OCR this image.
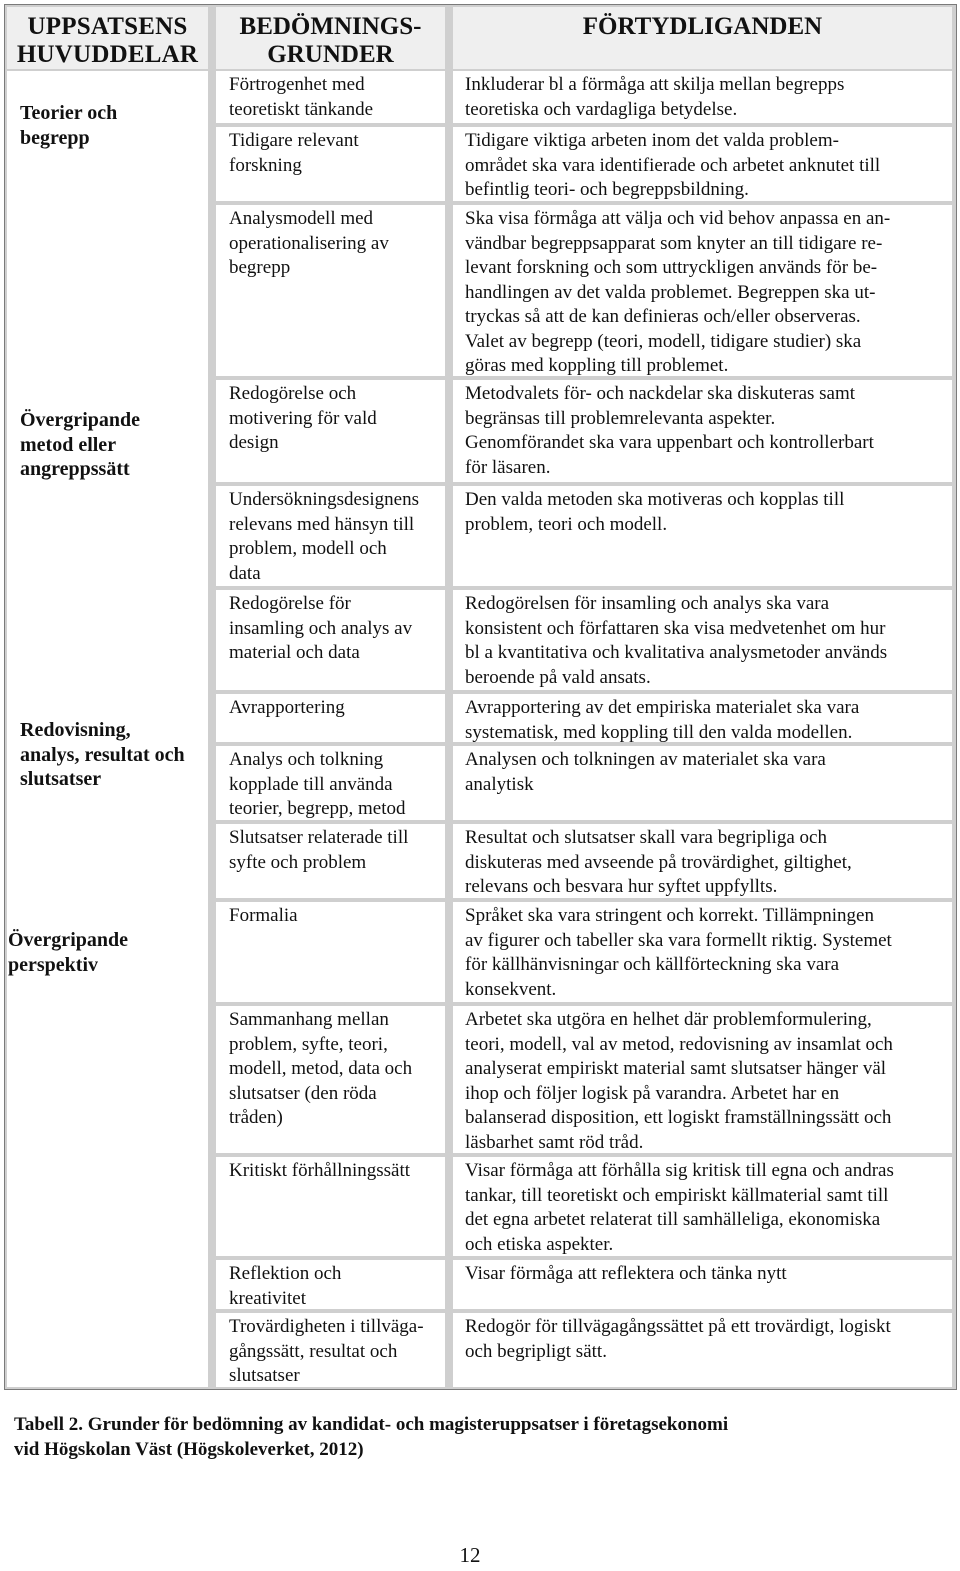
UPPSATSENS
HUVUDDELAR
Teorier och
begrepp
Övergripande
metod eller
angreppssätt
Redovisning,
analys, resultat och
slutsatser
Övergripande
perspektiv
BEDÖMNINGS-
GRUNDER
Förtrogenhet med
teoretiskt tänkande
Tidigare relevant
forskning
Analysmodell med
operationalisering av
begrepp
Redogörelse och
motivering för vald
design
Undersökningsdesignens
relevans med hänsyn till
problem, modell och
data
Redogörelse för
insamling och analys av
material och data
Avrapportering
Analys och tolkning
kopplade till använda
teorier, begrepp, metod
Slutsatser relaterade till
syfte och problem
Formalia
Sammanhang mellan
problem, syfte, teori,
modell, metod, data och
slutsatser (den röda
tråden)
Kritiskt förhållningssätt
Reflektion och
kreativitet
Trovärdigheten i tillväga-
gångssätt, resultat och
slutsatser
FÖRTYDLIGANDEN
Inkluderar bl a förmåga att skilja mellan begrepps
teoretiska och vardagliga betydelse.
Tidigare viktiga arbeten inom det valda problem-
området ska vara identifierade och arbetet anknutet till
befintlig teori- och begreppsbildning.
Ska visa förmåga att välja och vid behov anpassa en an-
vändbar begreppsapparat som knyter an till tidigare re-
levant forskning och som uttryckligen används för be-
handlingen av det valda problemet. Begreppen ska ut-
tryckas så att de kan definieras och/eller observeras.
Valet av begrepp (teori, modell, tidigare studier) ska
göras med koppling till problemet.
Metodvalets för- och nackdelar ska diskuteras samt
begränsas till problemrelevanta aspekter.
Genomförandet ska vara uppenbart och kontrollerbart
för läsaren.
Den valda metoden ska motiveras och kopplas till
problem, teori och modell.
Redogörelsen för insamling och analys ska vara
konsistent och författaren ska visa medvetenhet om hur
bl a kvantitativa och kvalitativa analysmetoder används
beroende på vald ansats.
Avrapportering av det empiriska materialet ska vara
systematisk, med koppling till den valda modellen.
Analysen och tolkningen av materialet ska vara
analytisk
Resultat och slutsatser skall vara begripliga och
diskuteras med avseende på trovärdighet, giltighet,
relevans och besvara hur syftet uppfyllts.
Språket ska vara stringent och korrekt. Tillämpningen
av figurer och tabeller ska vara formellt riktig. Systemet
för källhänvisningar och källförteckning ska vara
konsekvent.
Arbetet ska utgöra en helhet där problemformulering,
teori, modell, val av metod, redovisning av insamlat och
analyserat empiriskt material samt slutsatser hänger väl
ihop och följer logisk på varandra. Arbetet har en
balanserad disposition, ett logiskt framställningssätt och
läsbarhet samt röd tråd.
Visar förmåga att förhålla sig kritisk till egna och andras
tankar, till teoretiskt och empiriskt källmaterial samt till
det egna arbetet relaterat till samhälleliga, ekonomiska
och etiska aspekter.
Visar förmåga att reflektera och tänka nytt
Redogör för tillvägagångssättet på ett trovärdigt, logiskt
och begripligt sätt.
Tabell 2. Grunder för bedömning av kandidat- och magisteruppsatser i företagsekonomi
vid Högskolan Väst (Högskoleverket, 2012)
12
